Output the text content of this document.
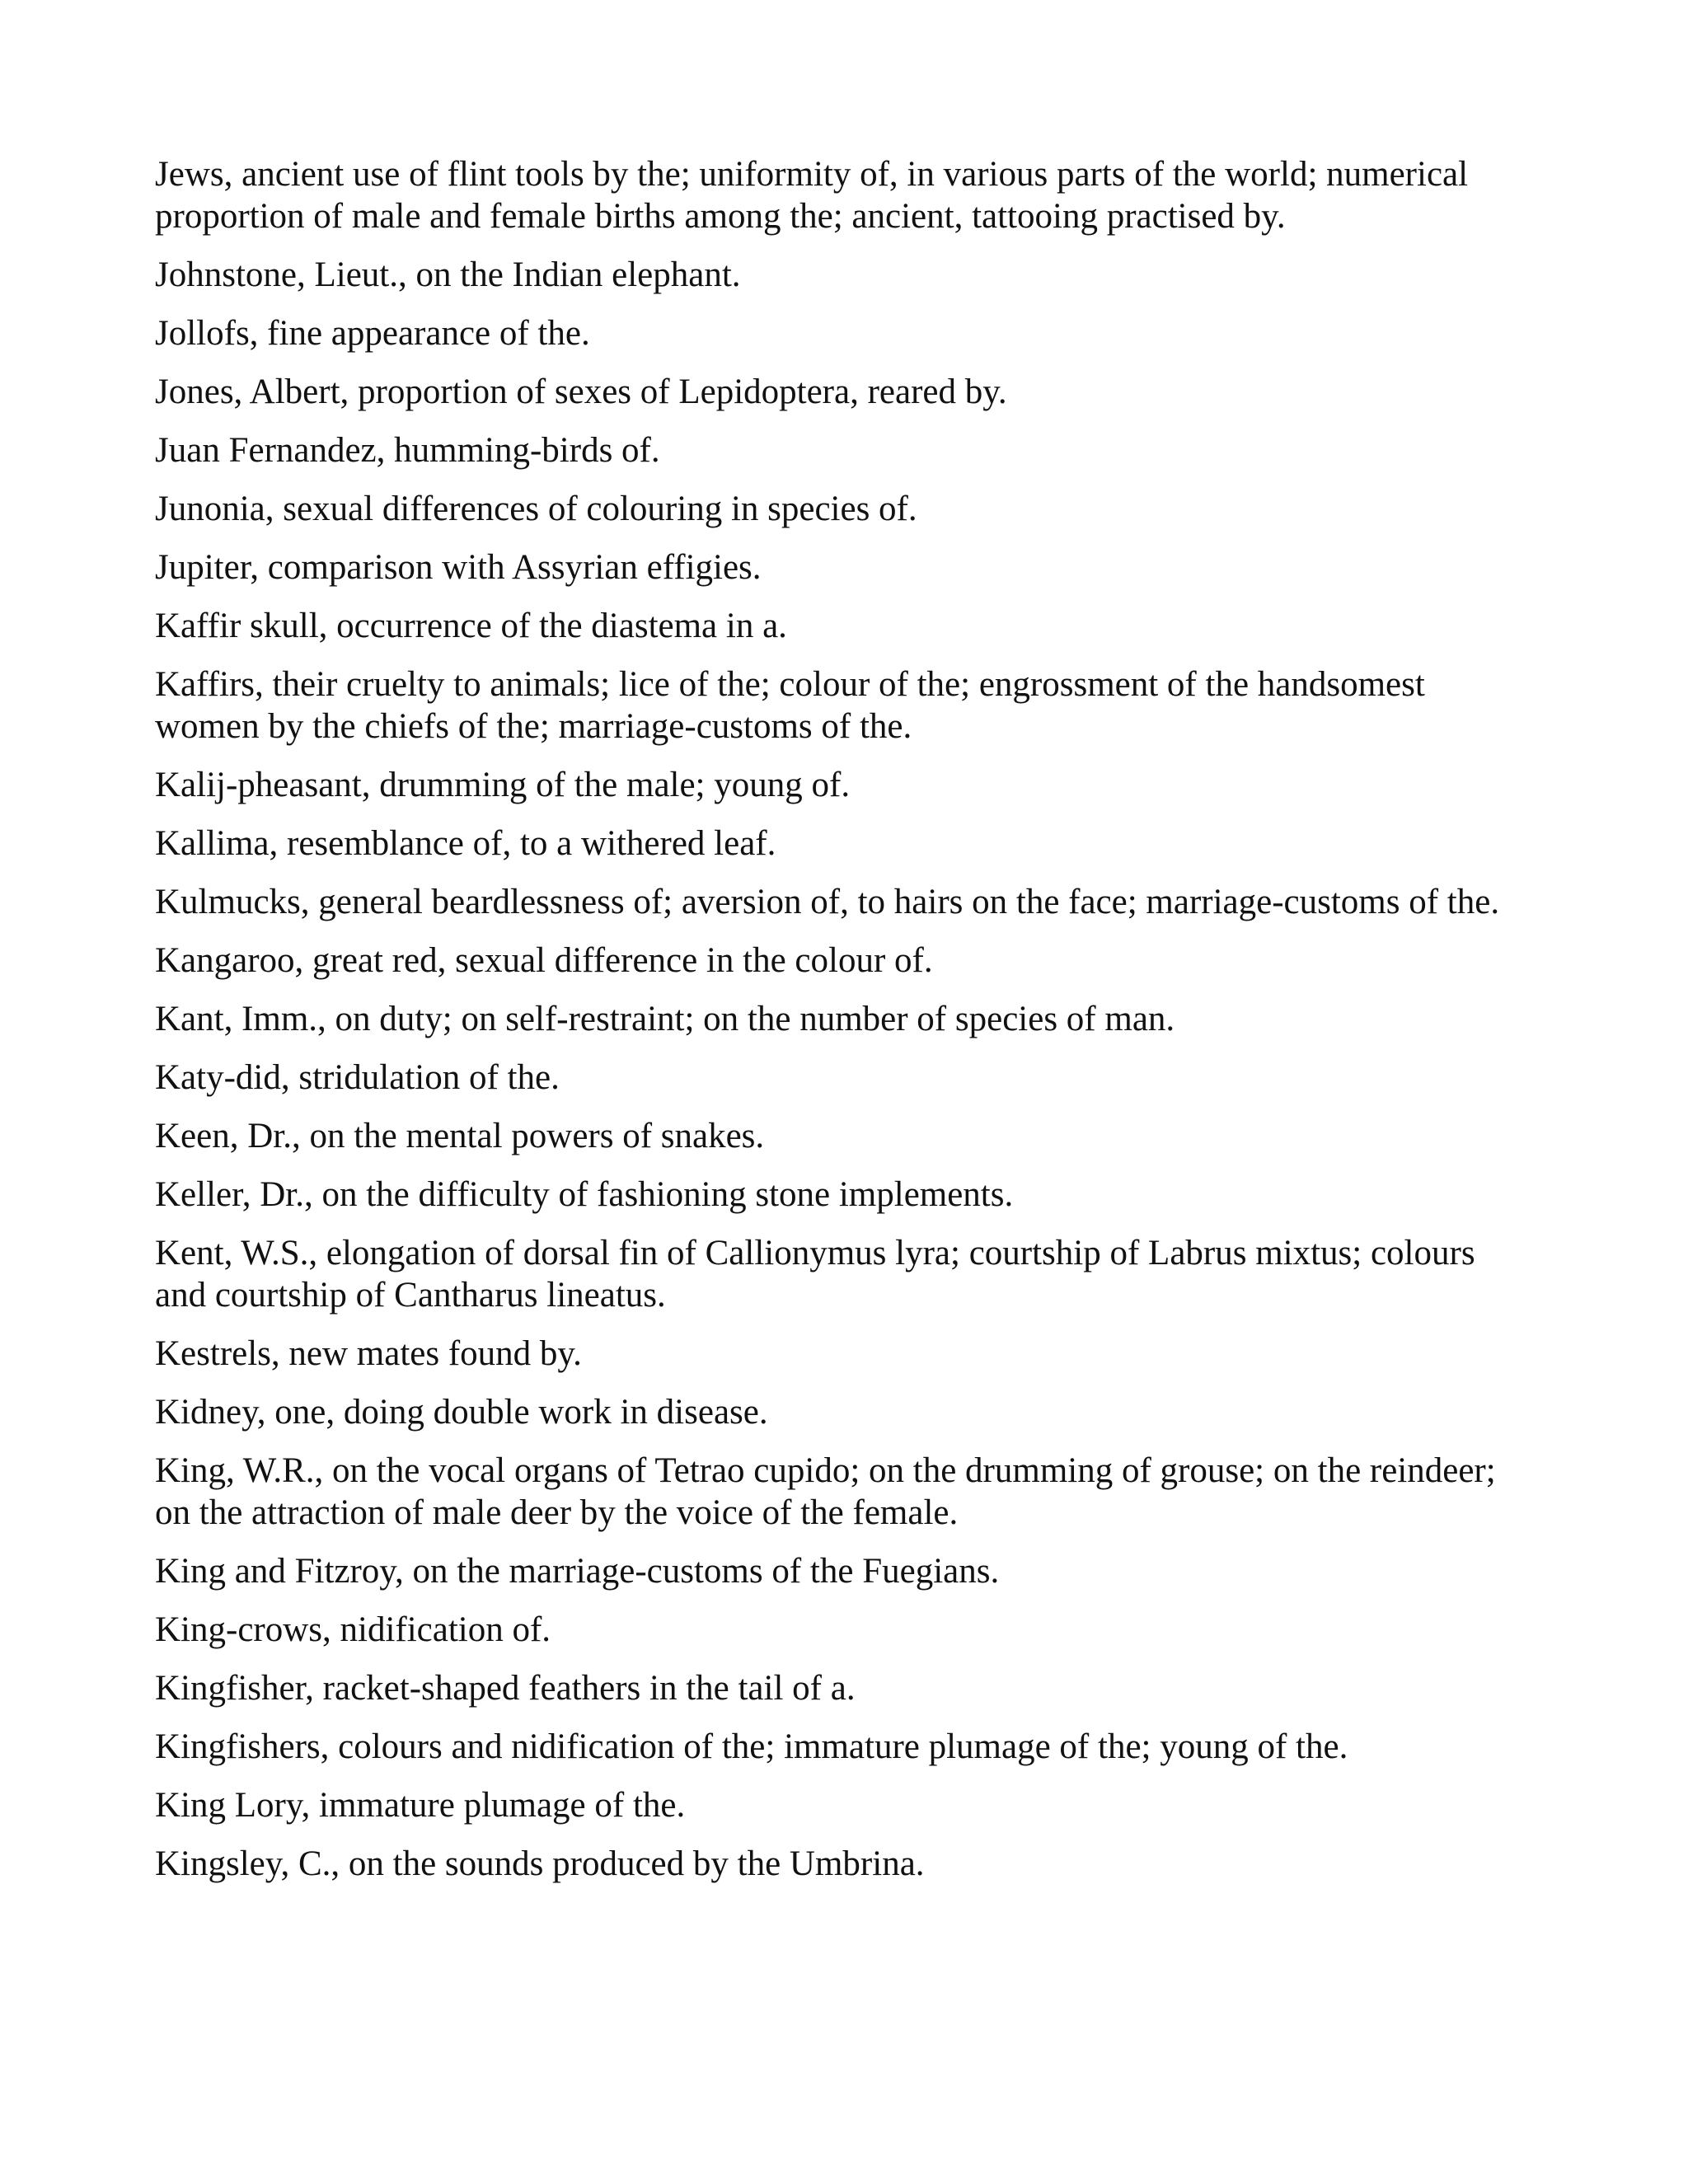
Jews, ancient use of flint tools by the; uniformity of, in various parts of the world; numerical proportion of male and female births among the; ancient, tattooing practised by.

Johnstone, Lieut., on the Indian elephant.

Jollofs, fine appearance of the.

Jones, Albert, proportion of sexes of Lepidoptera, reared by.

Juan Fernandez, humming-birds of.

Junonia, sexual differences of colouring in species of.

Jupiter, comparison with Assyrian effigies.

Kaffir skull, occurrence of the diastema in a.

Kaffirs, their cruelty to animals; lice of the; colour of the; engrossment of the handsomest women by the chiefs of the; marriage-customs of the.

Kalij-pheasant, drumming of the male; young of.

Kallima, resemblance of, to a withered leaf.

Kulmucks, general beardlessness of; aversion of, to hairs on the face; marriage-customs of the.

Kangaroo, great red, sexual difference in the colour of.

Kant, Imm., on duty; on self-restraint; on the number of species of man.

Katy-did, stridulation of the.

Keen, Dr., on the mental powers of snakes.

Keller, Dr., on the difficulty of fashioning stone implements.

Kent, W.S., elongation of dorsal fin of Callionymus lyra; courtship of Labrus mixtus; colours and courtship of Cantharus lineatus.

Kestrels, new mates found by.

Kidney, one, doing double work in disease.

King, W.R., on the vocal organs of Tetrao cupido; on the drumming of grouse; on the reindeer; on the attraction of male deer by the voice of the female.

King and Fitzroy, on the marriage-customs of the Fuegians.

King-crows, nidification of.

Kingfisher, racket-shaped feathers in the tail of a.

Kingfishers, colours and nidification of the; immature plumage of the; young of the.

King Lory, immature plumage of the.

Kingsley, C., on the sounds produced by the Umbrina.
